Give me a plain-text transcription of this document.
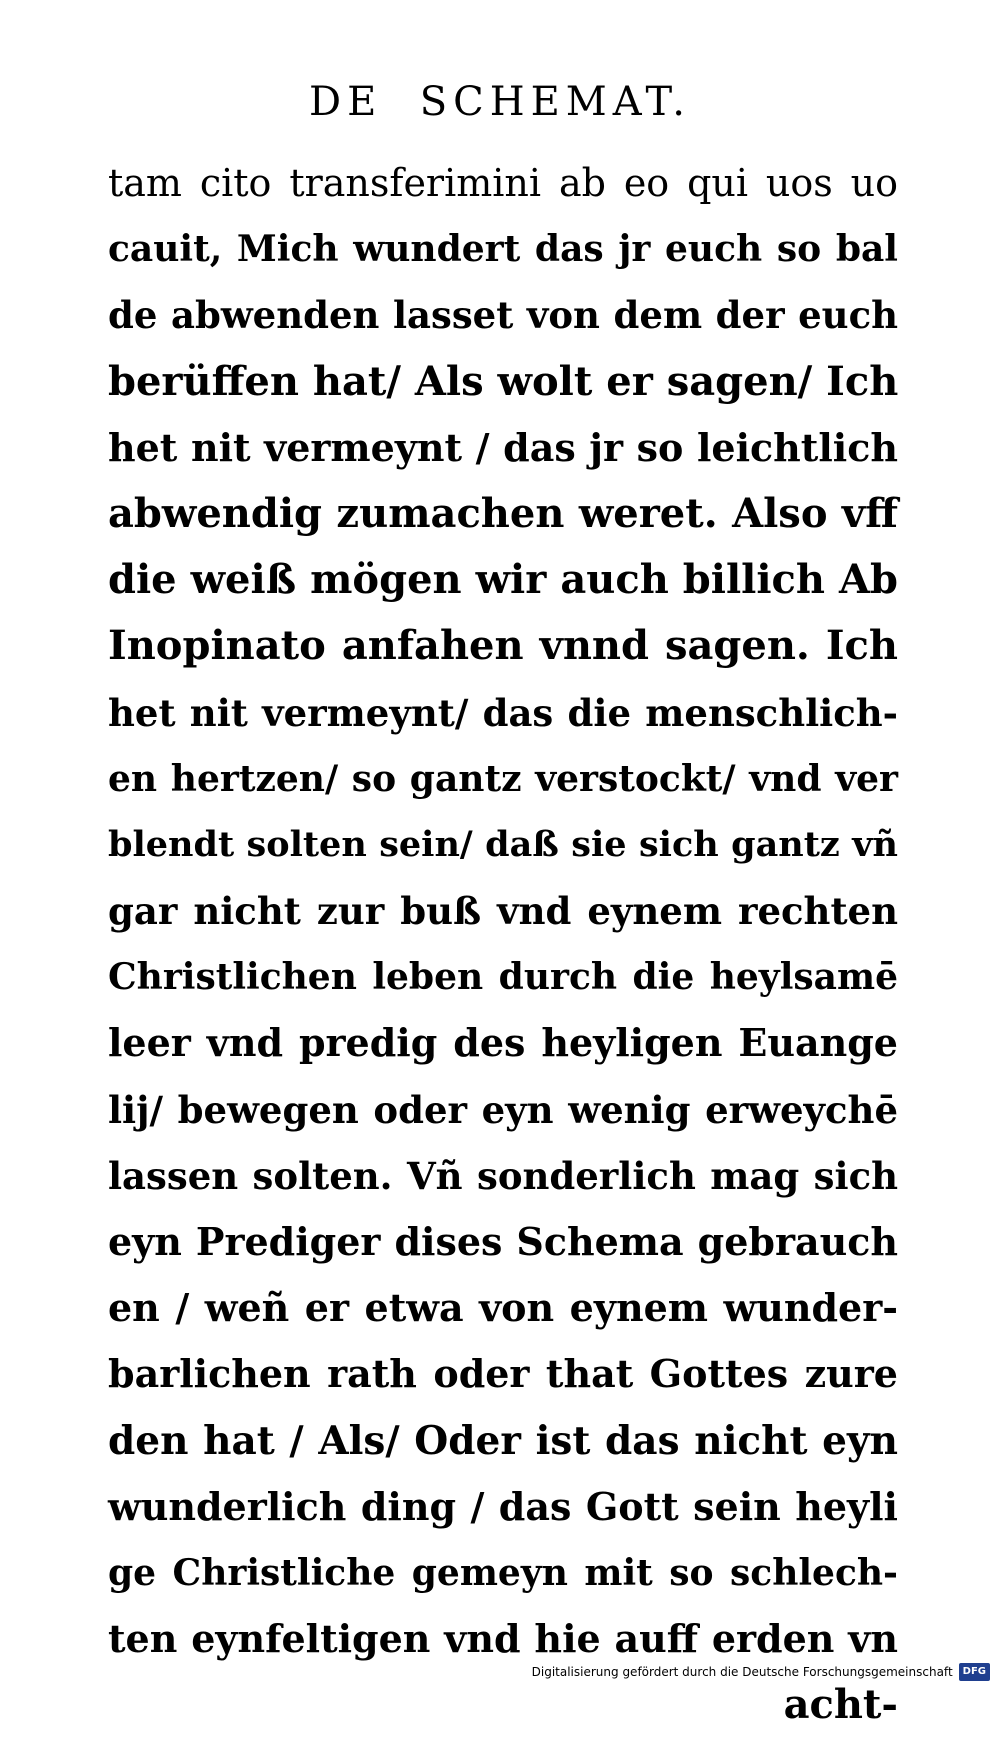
DE  SCHEMAT.
tam cito transferimini ab eo qui uos uo
cauit, Mich wundert das jr euch so bal
de abwenden lasset von dem der euch
berüffen hat/ Als wolt er sagen/ Ich
het nit vermeynt / das jr so leichtlich
abwendig zumachen weret. Also vff
die weiß mögen wir auch billich Ab
Inopinato anfahen vnnd sagen. Ich
het nit vermeynt/ das die menschlich-
en hertzen/ so gantz verstockt/ vnd ver
blendt solten sein/ daß sie sich gantz vñ
gar nicht zur buß vnd eynem rechten
Christlichen leben durch die heylsamē
leer vnd predig des heyligen Euange
lij/ bewegen oder eyn wenig erweychē
lassen solten. Vñ sonderlich mag sich
eyn Prediger dises Schema gebrauch
en / weñ er etwa von eynem wunder-
barlichen rath oder that Gottes zure
den hat / Als/ Oder ist das nicht eyn
wunderlich ding / das Gott sein heyli
ge Christliche gemeyn mit so schlech-
ten eynfeltigen vnd hie auff erden vn
acht-
Digitalisierung gefördert durch die Deutsche Forschungsgemeinschaft	DFG
